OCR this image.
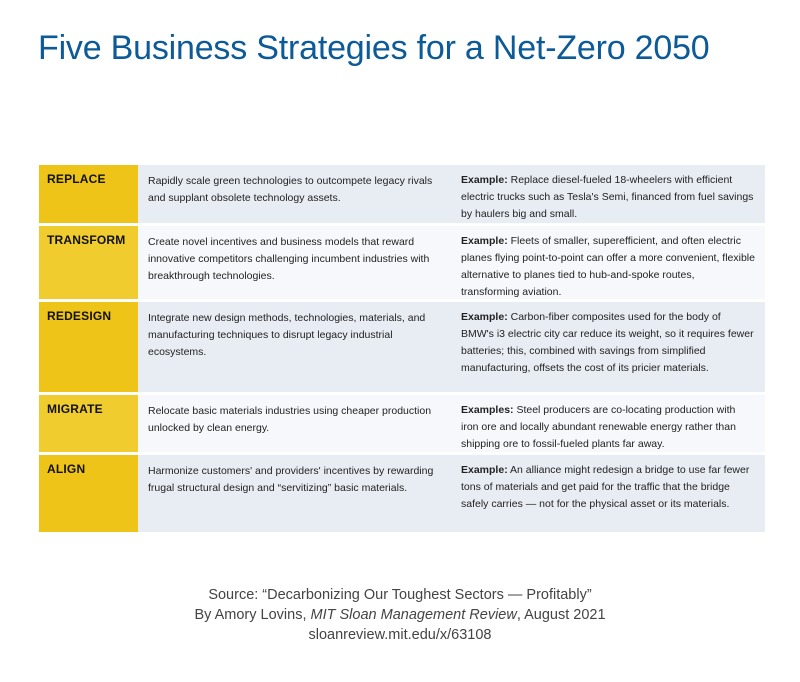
Five Business Strategies for a Net-Zero 2050
REPLACE	Rapidly scale green technologies to outcompete legacy rivals and supplant obsolete technology assets.
Example: Replace diesel-fueled 18-wheelers with efficient electric trucks such as Tesla's Semi, financed from fuel savings by haulers big and small.
TRANSFORM	Create novel incentives and business models that reward innovative competitors challenging incumbent industries with breakthrough technologies.
Example: Fleets of smaller, superefficient, and often electric planes flying point-to-point can offer a more convenient, flexible alternative to planes tied to hub-and-spoke routes, transforming aviation.
REDESIGN	Integrate new design methods, technologies, materials, and manufacturing techniques to disrupt legacy industrial ecosystems.
Example: Carbon-fiber composites used for the body of BMW's i3 electric city car reduce its weight, so it requires fewer batteries; this, combined with savings from simplified manufacturing, offsets the cost of its pricier materials.
MIGRATE	Relocate basic materials industries using cheaper production unlocked by clean energy.
Examples: Steel producers are co-locating production with iron ore and locally abundant renewable energy rather than shipping ore to fossil-fueled plants far away.
ALIGN	Harmonize customers' and providers' incentives by rewarding frugal structural design and “servitizing” basic materials.
Example: An alliance might redesign a bridge to use far fewer tons of materials and get paid for the traffic that the bridge safely carries — not for the physical asset or its materials.
Source: “Decarbonizing Our Toughest Sectors — Profitably”
By Amory Lovins, MIT Sloan Management Review, August 2021
sloanreview.mit.edu/x/63108
